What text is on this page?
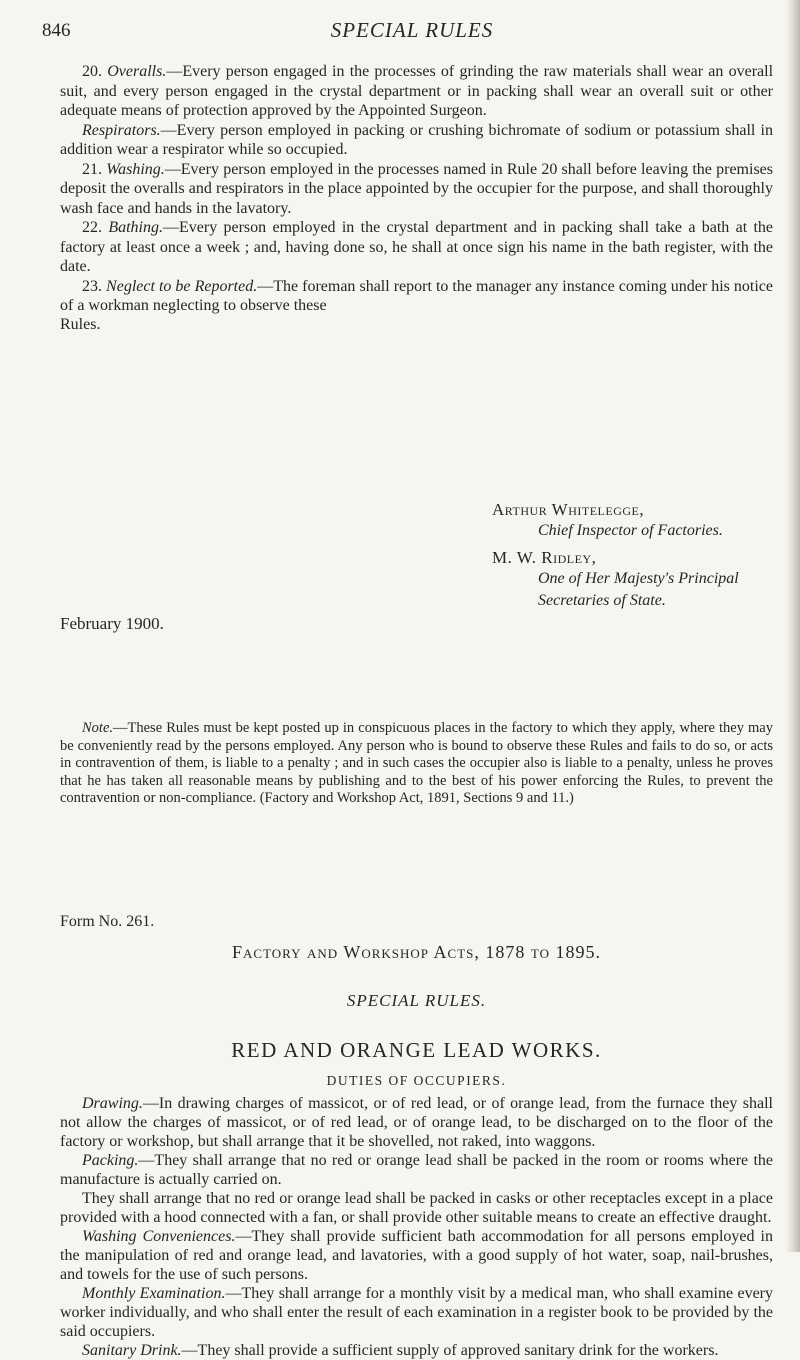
846	SPECIAL RULES

20. Overalls.—Every person engaged in the processes of grinding the raw materials shall wear an overall suit, and every person engaged in the crystal department or in packing shall wear an overall suit or other adequate means of protection approved by the Appointed Surgeon.

Respirators.—Every person employed in packing or crushing bichromate of sodium or potassium shall in addition wear a respirator while so occupied.

21. Washing.—Every person employed in the processes named in Rule 20 shall before leaving the premises deposit the overalls and respirators in the place appointed by the occupier for the purpose, and shall thoroughly wash face and hands in the lavatory.

22. Bathing.—Every person employed in the crystal department and in packing shall take a bath at the factory at least once a week ; and, having done so, he shall at once sign his name in the bath register, with the date.

23. Neglect to be Reported.—The foreman shall report to the manager any instance coming under his notice of a workman neglecting to observe these

Rules.

Arthur Whitelegge,
Chief Inspector of Factories.
M. W. Ridley,
One of Her Majesty's Principal
Secretaries of State.
February 1900.
Note.—These Rules must be kept posted up in conspicuous places in the factory to which they apply, where they may be conveniently read by the persons employed. Any person who is bound to observe these Rules and fails to do so, or acts in contravention of them, is liable to a penalty ; and in such cases the occupier also is liable to a penalty, unless he proves that he has taken all reasonable means by publishing and to the best of his power enforcing the Rules, to prevent the contravention or non-compliance. (Factory and Workshop Act, 1891, Sections 9 and 11.)
Form No. 261.
Factory and Workshop Acts, 1878 to 1895.
SPECIAL RULES.
RED AND ORANGE LEAD WORKS.
DUTIES OF OCCUPIERS.

Drawing.—In drawing charges of massicot, or of red lead, or of orange lead, from the furnace they shall not allow the charges of massicot, or of red lead, or of orange lead, to be discharged on to the floor of the factory or workshop, but shall arrange that it be shovelled, not raked, into waggons.

Packing.—They shall arrange that no red or orange lead shall be packed in the room or rooms where the manufacture is actually carried on.

They shall arrange that no red or orange lead shall be packed in casks or other receptacles except in a place provided with a hood connected with a fan, or shall provide other suitable means to create an effective draught.

Washing Conveniences.—They shall provide sufficient bath accommodation for all persons employed in the manipulation of red and orange lead, and lavatories, with a good supply of hot water, soap, nail-brushes, and towels for the use of such persons.

Monthly Examination.—They shall arrange for a monthly visit by a medical man, who shall examine every worker individually, and who shall enter the result of each examination in a register book to be provided by the said occupiers.

Sanitary Drink.—They shall provide a sufficient supply of approved sanitary drink for the workers.
